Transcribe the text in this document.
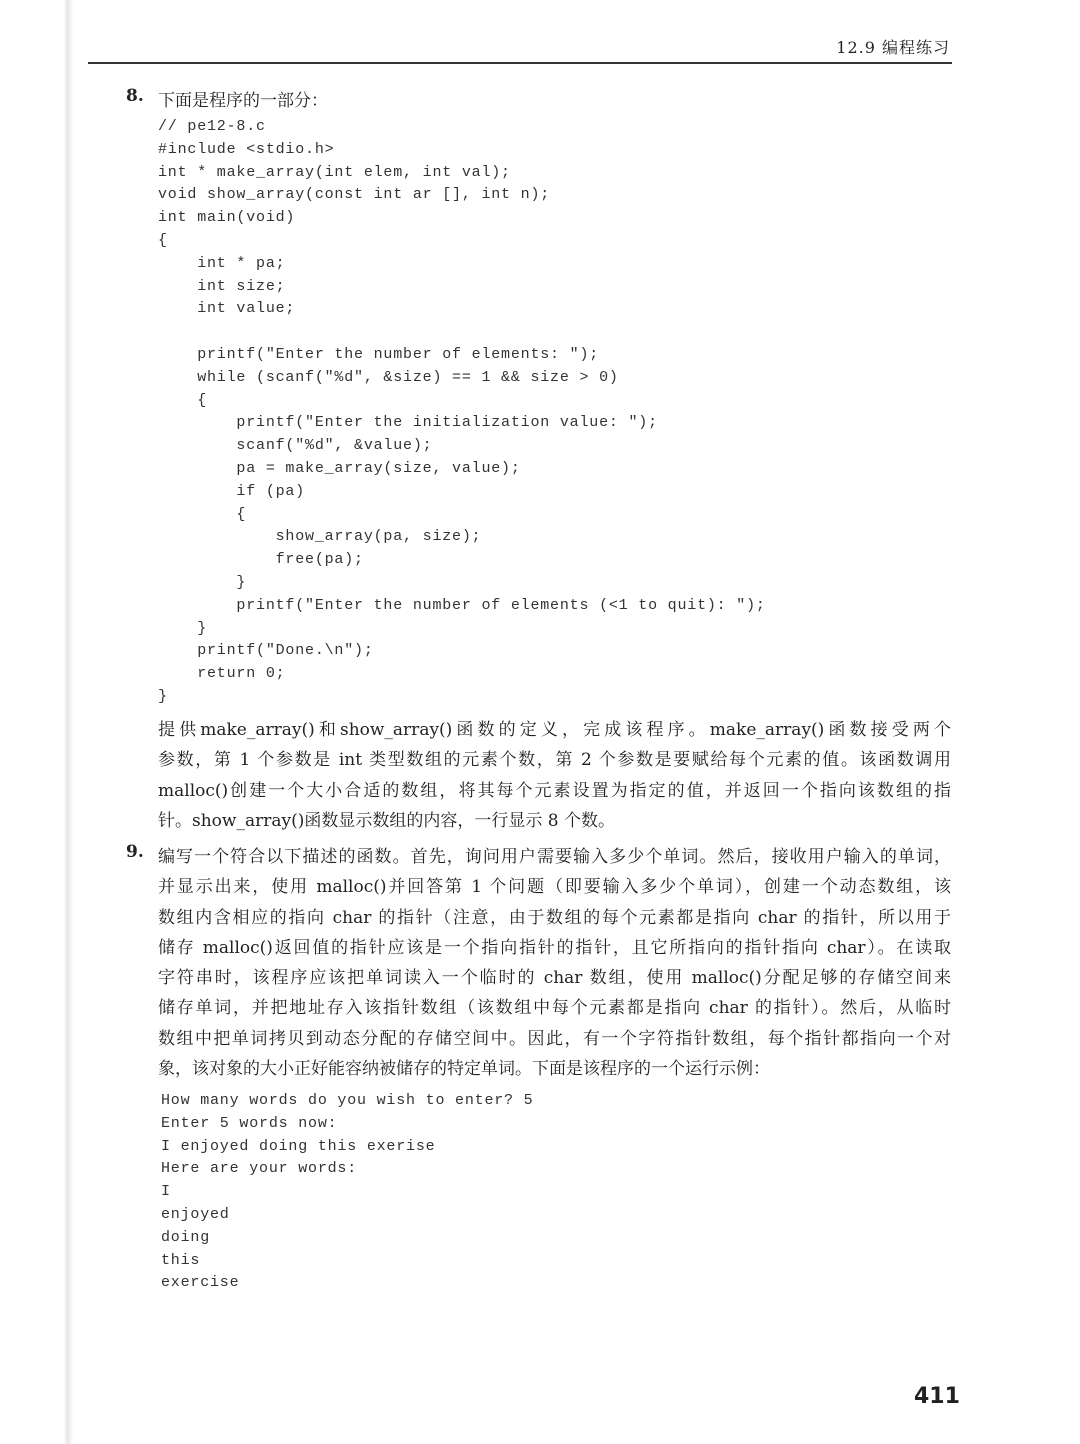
12.9 编程练习
8. 下面是程序的一部分：
// pe12-8.c
#include <stdio.h>
int * make_array(int elem, int val);
void show_array(const int ar [], int n);
int main(void)
{
int * pa;
int size;
int value;
printf("Enter the number of elements: ");
while (scanf("%d", &size) == 1 && size > 0)
{
printf("Enter the initialization value: ");
scanf("%d", &value);
pa = make_array(size, value);
if (pa)
{
show_array(pa, size);
free(pa);
}
printf("Enter the number of elements (<1 to quit): ");
}
printf("Done.\n");
return 0;
}
提供make_array()和show_array()函数的定义，完成该程序。make_array()函数接受两个
参数，第 1 个参数是 int 类型数组的元素个数，第 2 个参数是要赋给每个元素的值。该函数调用
malloc()创建一个大小合适的数组，将其每个元素设置为指定的值，并返回一个指向该数组的指
针。show_array()函数显示数组的内容，一行显示 8 个数。
9. 编写一个符合以下描述的函数。首先，询问用户需要输入多少个单词。然后，接收用户输入的单词，
并显示出来，使用 malloc()并回答第 1 个问题（即要输入多少个单词），创建一个动态数组，该
数组内含相应的指向 char 的指针（注意，由于数组的每个元素都是指向 char 的指针，所以用于
储存 malloc()返回值的指针应该是一个指向指针的指针，且它所指向的指针指向 char）。在读取
字符串时，该程序应该把单词读入一个临时的 char 数组，使用 malloc()分配足够的存储空间来
储存单词，并把地址存入该指针数组（该数组中每个元素都是指向 char 的指针）。然后，从临时
数组中把单词拷贝到动态分配的存储空间中。因此，有一个字符指针数组，每个指针都指向一个对
象，该对象的大小正好能容纳被储存的特定单词。下面是该程序的一个运行示例：
How many words do you wish to enter? 5
Enter 5 words now:
I enjoyed doing this exerise
Here are your words:
I
enjoyed
doing
this
exercise
411
